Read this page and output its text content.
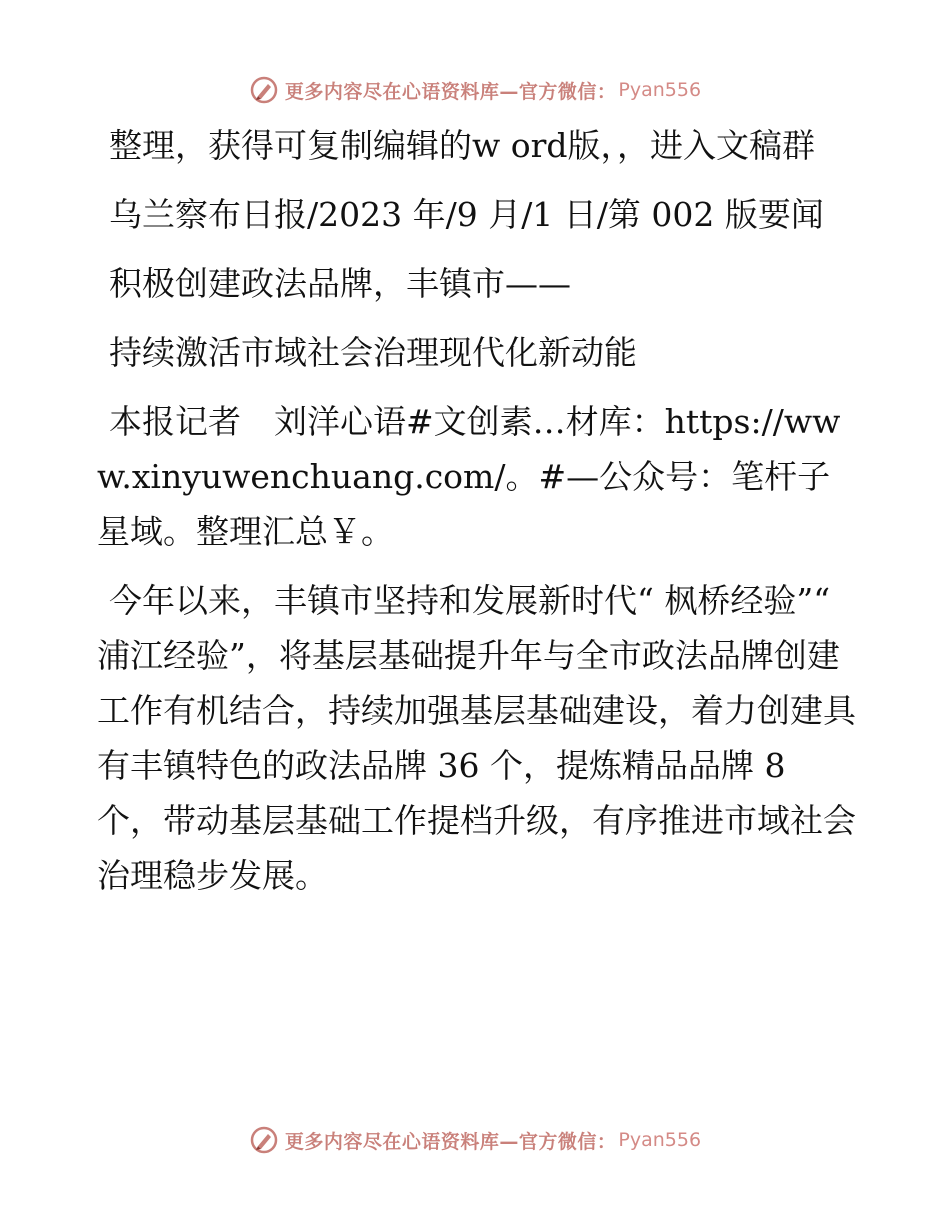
更多内容尽在心语资料库—官方微信： Pyan556

整理，获得可复制编辑的w ord版，，进入文稿群

乌兰察布日报/2023 年/9 月/1 日/第 002 版要闻

积极创建政法品牌，丰镇市——

持续激活市域社会治理现代化新动能

本报记者　刘洋心语#文创素…材库：https://www.xinyuwenchuang.com/。#—公众号：笔杆子星域。整理汇总￥。

今年以来，丰镇市坚持和发展新时代“ 枫桥经验”“ 浦江经验”，将基层基础提升年与全市政法品牌创建工作有机结合，持续加强基层基础建设，着力创建具有丰镇特色的政法品牌 36 个，提炼精品品牌 8 个，带动基层基础工作提档升级，有序推进市域社会治理稳步发展。

更多内容尽在心语资料库—官方微信： Pyan556
